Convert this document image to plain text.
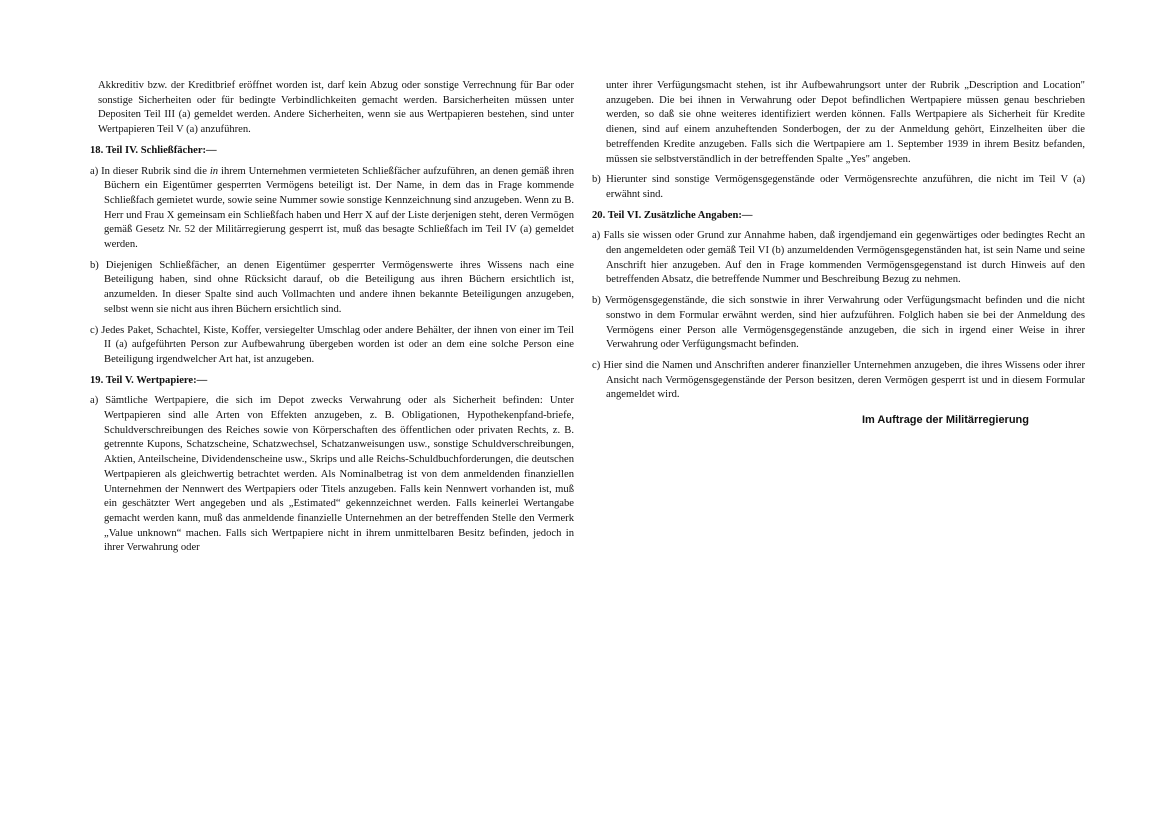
Akkreditiv bzw. der Kreditbrief eröffnet worden ist, darf kein Abzug oder sonstige Verrechnung für Bar oder sonstige Sicherheiten oder für bedingte Verbindlichkeiten gemacht werden. Barsicherheiten müssen unter Depositen Teil III (a) gemeldet werden. Andere Sicherheiten, wenn sie aus Wertpapieren bestehen, sind unter Wertpapieren Teil V (a) anzuführen.

18. Teil IV. Schließfächer:—

a) In dieser Rubrik sind die in ihrem Unternehmen vermieteten Schließfächer aufzuführen, an denen gemäß ihren Büchern ein Eigentümer gesperrten Vermögens beteiligt ist. Der Name, in dem das in Frage kommende Schließfach gemietet wurde, sowie seine Nummer sowie sonstige Kennzeichnung sind anzugeben. Wenn zu B. Herr und Frau X gemeinsam ein Schließfach haben und Herr X auf der Liste derjenigen steht, deren Vermögen gemäß Gesetz Nr. 52 der Militärregierung gesperrt ist, muß das besagte Schließfach im Teil IV (a) gemeldet werden.

b) Diejenigen Schließfächer, an denen Eigentümer gesperrter Vermögenswerte ihres Wissens nach eine Beteiligung haben, sind ohne Rücksicht darauf, ob die Beteiligung aus ihren Büchern ersichtlich ist, anzumelden. In dieser Spalte sind auch Vollmachten und andere ihnen bekannte Beteiligungen anzugeben, selbst wenn sie nicht aus ihren Büchern ersichtlich sind.

c) Jedes Paket, Schachtel, Kiste, Koffer, versiegelter Umschlag oder andere Behälter, der ihnen von einer im Teil II (a) aufgeführten Person zur Aufbewahrung übergeben worden ist oder an dem eine solche Person eine Beteiligung irgendwelcher Art hat, ist anzugeben.

19. Teil V. Wertpapiere:—

a) Sämtliche Wertpapiere, die sich im Depot zwecks Verwahrung oder als Sicherheit befinden: Unter Wertpapieren sind alle Arten von Effekten anzugeben, z. B. Obligationen, Hypothekenpfand-briefe, Schuldverschreibungen des Reiches sowie von Körperschaften des öffentlichen oder privaten Rechts, z. B. getrennte Kupons, Schatzscheine, Schatzwechsel, Schatzanweisungen usw., sonstige Schuldverschreibungen, Aktien, Anteilscheine, Dividendenscheine usw., Skrips und alle Reichs-Schuldbuchforderungen, die deutschen Wertpapieren als gleichwertig betrachtet werden. Als Nominalbetrag ist von dem anmeldenden finanziellen Unternehmen der Nennwert des Wertpapiers oder Titels anzugeben. Falls kein Nennwert vorhanden ist, muß ein geschätzter Wert angegeben und als „Estimated“ gekennzeichnet werden. Falls keinerlei Wertangabe gemacht werden kann, muß das anmeldende finanzielle Unternehmen an der betreffenden Stelle den Vermerk „Value unknown“ machen. Falls sich Wertpapiere nicht in ihrem unmittelbaren Besitz befinden, jedoch in ihrer Verwahrung oder

unter ihrer Verfügungsmacht stehen, ist ihr Aufbewahrungsort unter der Rubrik „Description and Location" anzugeben. Die bei ihnen in Verwahrung oder Depot befindlichen Wertpapiere müssen genau beschrieben werden, so daß sie ohne weiteres identifiziert werden können. Falls Wertpapiere als Sicherheit für Kredite dienen, sind auf einem anzuheftenden Sonderbogen, der zu der Anmeldung gehört, Einzelheiten über die betreffenden Kredite anzugeben. Falls sich die Wertpapiere am 1. September 1939 in ihrem Besitz befanden, müssen sie selbstverständlich in der betreffenden Spalte „Yes" angeben.

b) Hierunter sind sonstige Vermögensgegenstände oder Vermögensrechte anzuführen, die nicht im Teil V (a) erwähnt sind.

20. Teil VI. Zusätzliche Angaben:—

a) Falls sie wissen oder Grund zur Annahme haben, daß irgendjemand ein gegenwärtiges oder bedingtes Recht an den angemeldeten oder gemäß Teil VI (b) anzumeldenden Vermögensgegenständen hat, ist sein Name und seine Anschrift hier anzugeben. Auf den in Frage kommenden Vermögensgegenstand ist durch Hinweis auf den betreffenden Absatz, die betreffende Nummer und Beschreibung Bezug zu nehmen.

b) Vermögensgegenstände, die sich sonstwie in ihrer Verwahrung oder Verfügungsmacht befinden und die nicht sonstwo in dem Formular erwähnt werden, sind hier aufzuführen. Folglich haben sie bei der Anmeldung des Vermögens einer Person alle Vermögensgegenstände anzugeben, die sich in irgend einer Weise in ihrer Verwahrung oder Verfügungsmacht befinden.

c) Hier sind die Namen und Anschriften anderer finanzieller Unternehmen anzugeben, die ihres Wissens oder ihrer Ansicht nach Vermögensgegenstände der Person besitzen, deren Vermögen gesperrt ist und in diesem Formular angemeldet wird.

Im Auftrage der Militärregierung
